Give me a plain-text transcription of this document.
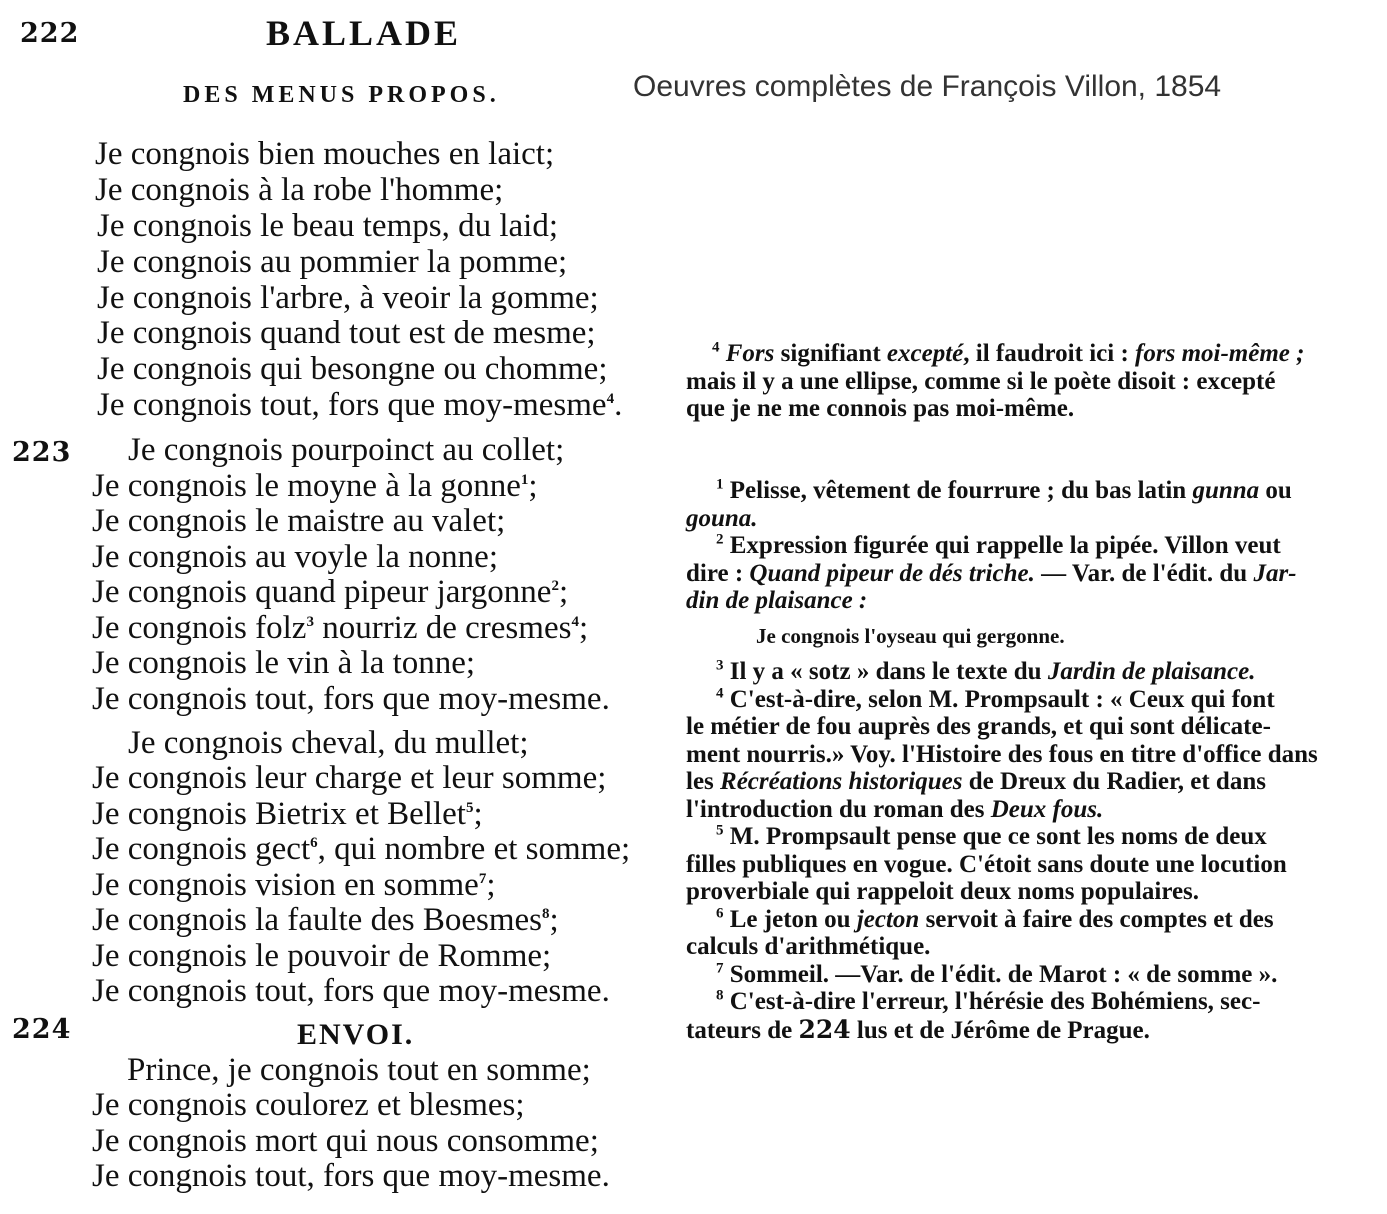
222
223
224
BALLADE
DES MENUS PROPOS.	Oeuvres complètes de François Villon, 1854
Je congnois bien mouches en laict;
Je congnois à la robe l'homme;
Je congnois le beau temps, du laid;
Je congnois au pommier la pomme;
Je congnois l'arbre, à veoir la gomme;
Je congnois quand tout est de mesme;
Je congnois qui besongne ou chomme;
Je congnois tout, fors que moy-mesme$^4$.
Je congnois pourpoinct au collet;
Je congnois le moyne à la gonne$^1$;
Je congnois le maistre au valet;
Je congnois au voyle la nonne;
Je congnois quand pipeur jargonne$^2$;
Je congnois folz$^3$ nourriz de cresmes$^4$;
Je congnois le vin à la tonne;
Je congnois tout, fors que moy-mesme.
Je congnois cheval, du mullet;
Je congnois leur charge et leur somme;
Je congnois Bietrix et Bellet$^5$;
Je congnois gect$^6$, qui nombre et somme;
Je congnois vision en somme$^7$;
Je congnois la faulte des Boesmes$^8$;
Je congnois le pouvoir de Romme;
Je congnois tout, fors que moy-mesme.
ENVOI.
Prince, je congnois tout en somme;
Je congnois coulorez et blesmes;
Je congnois mort qui nous consomme;
Je congnois tout, fors que moy-mesme.
$^4$ Fors signifiant excepté, il faudroit ici : fors moi-même ;
mais il y a une ellipse, comme si le poète disoit : excepté
que je ne me connois pas moi-même.
$^1$ Pelisse, vêtement de fourrure ; du bas latin gunna ou
gouna.
$^2$ Expression figurée qui rappelle la pipée. Villon veut
dire : Quand pipeur de dés triche. — Var. de l'édit. du Jar-
din de plaisance :
Je congnois l'oyseau qui gergonne.
$^3$ Il y a « sotz » dans le texte du Jardin de plaisance.
$^4$ C'est-à-dire, selon M. Prompsault : « Ceux qui font
le métier de fou auprès des grands, et qui sont délicate-
ment nourris.» Voy. l'Histoire des fous en titre d'office dans
les Récréations historiques de Dreux du Radier, et dans
l'introduction du roman des Deux fous.
$^5$ M. Prompsault pense que ce sont les noms de deux
filles publiques en vogue. C'étoit sans doute une locution
proverbiale qui rappeloit deux noms populaires.
$^6$ Le jeton ou jecton servoit à faire des comptes et des
calculs d'arithmétique.
$^7$ Sommeil. —Var. de l'édit. de Marot : « de somme ».
$^8$ C'est-à-dire l'erreur, l'hérésie des Bohémiens, sec-
tateurs de 224 lus et de Jérôme de Prague.
